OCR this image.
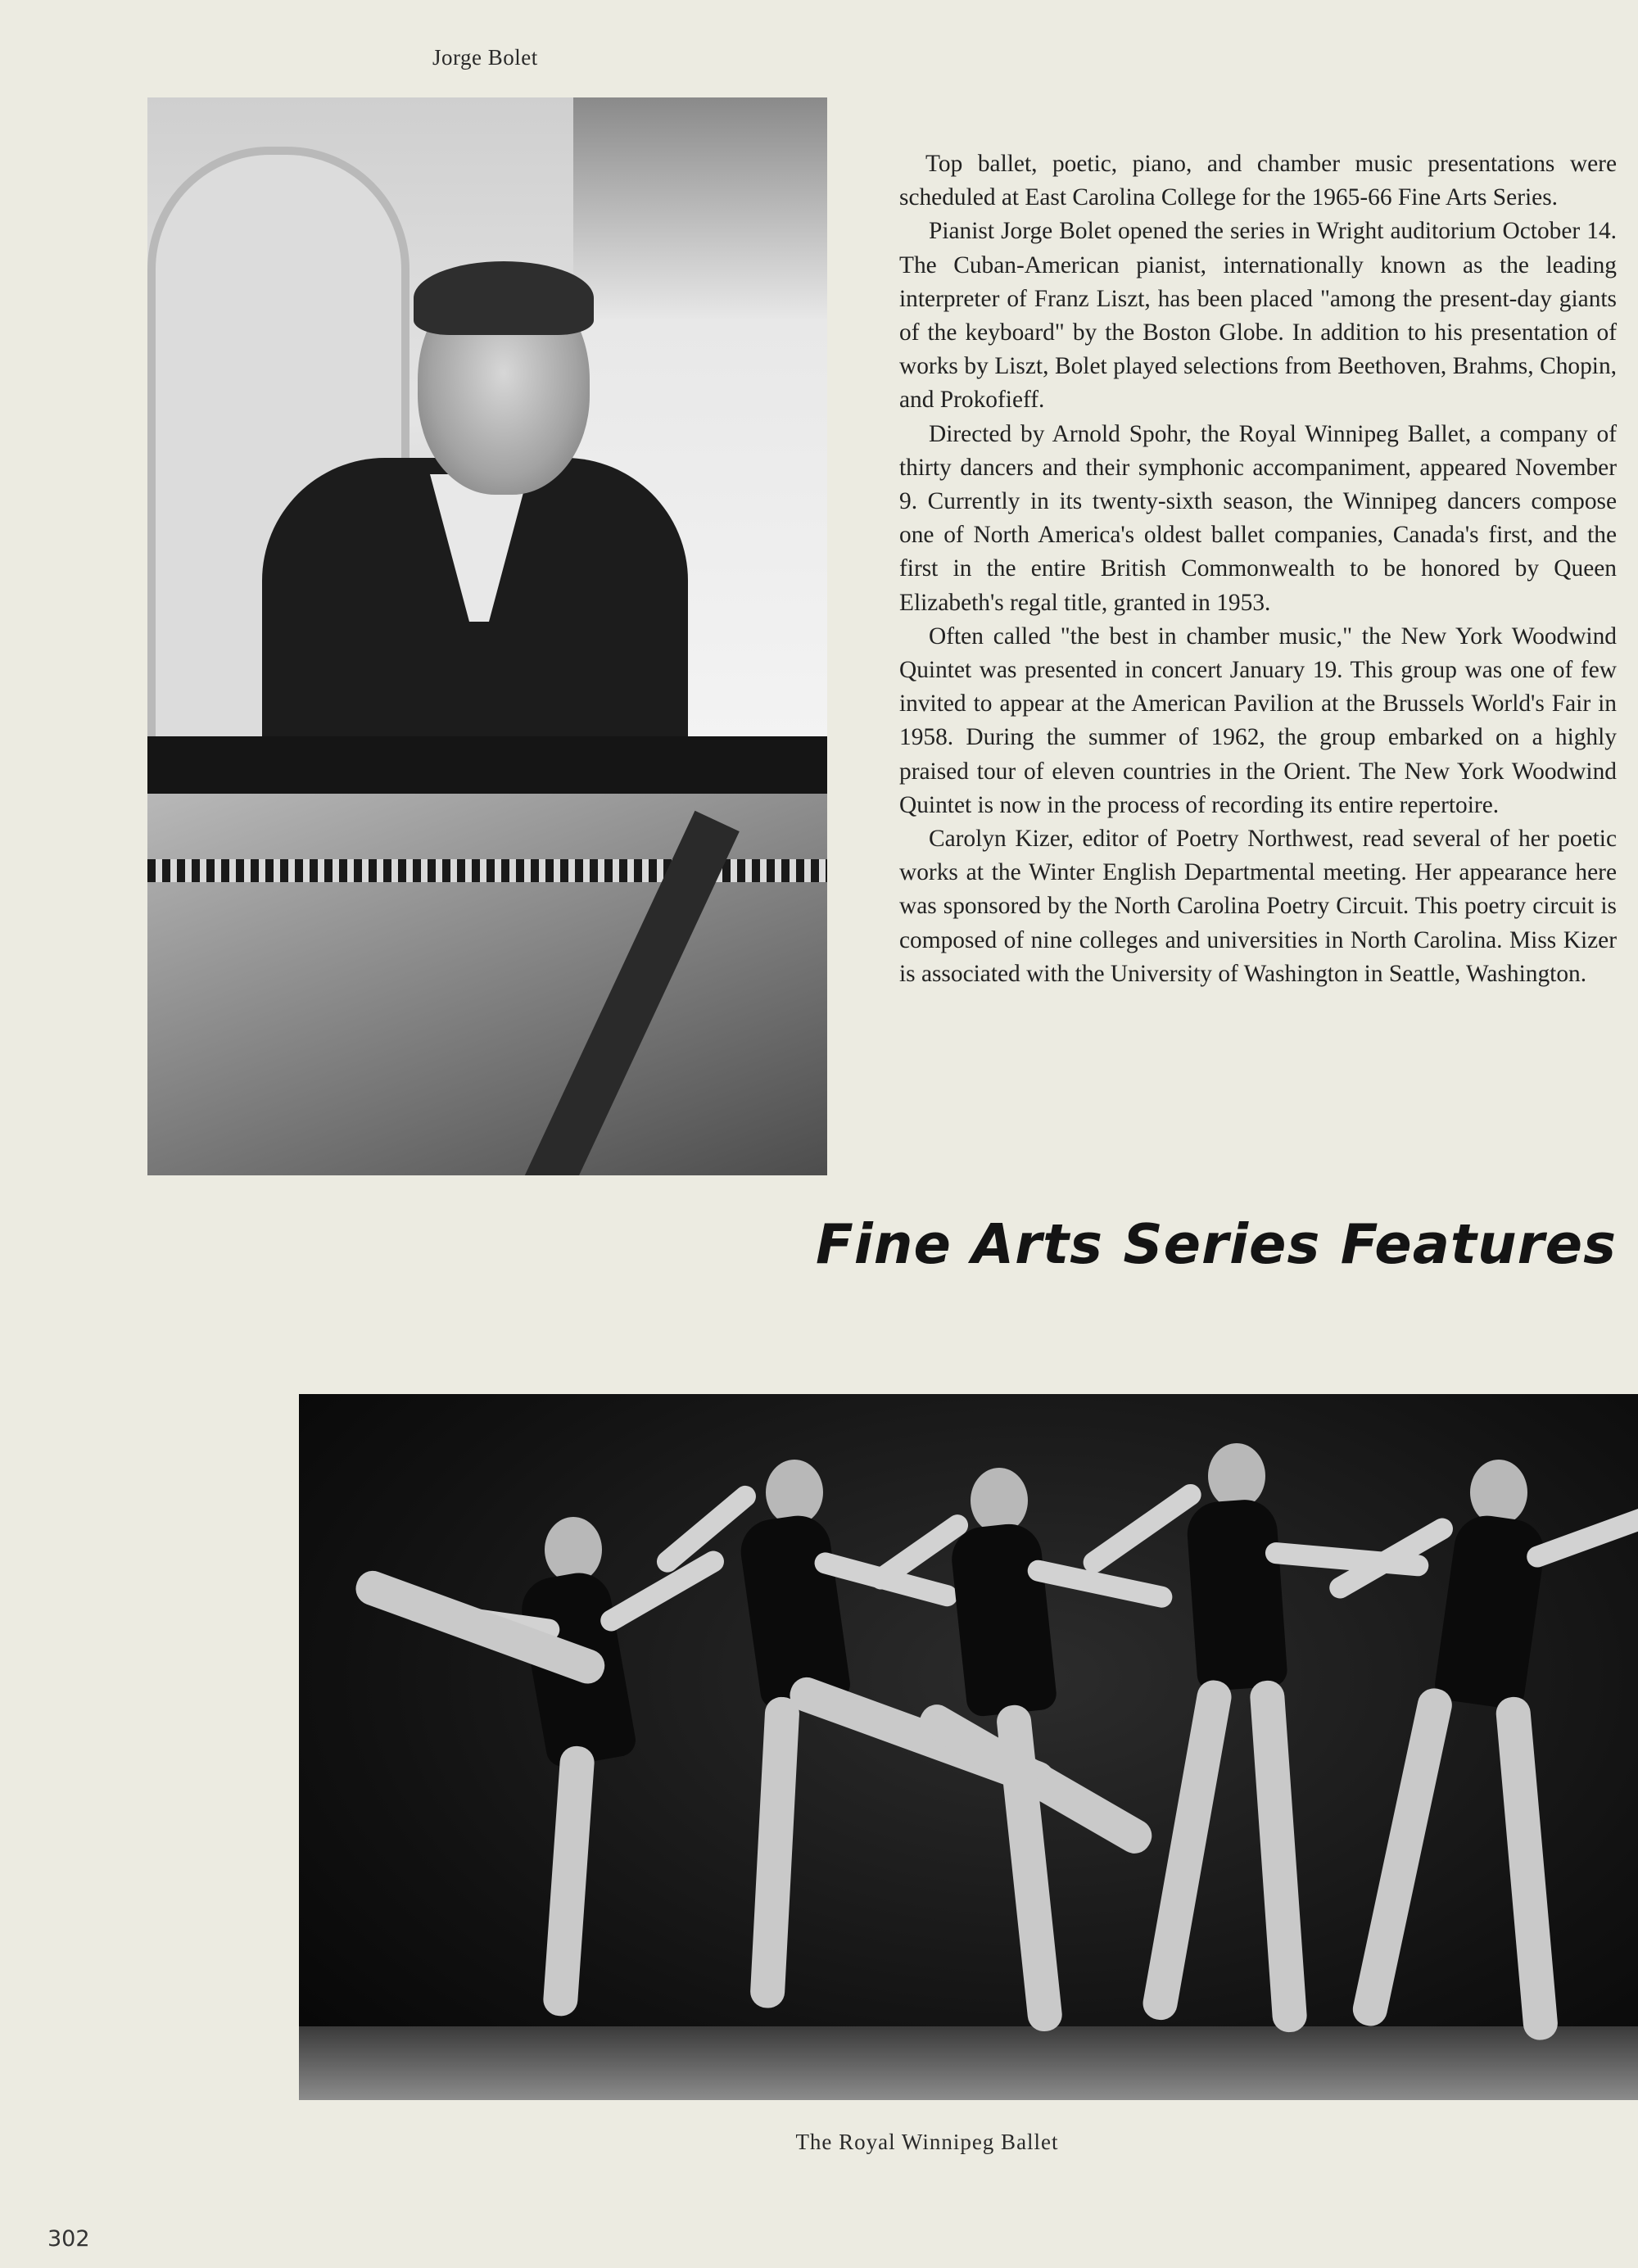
Jorge Bolet

Top ballet, poetic, piano, and chamber music presentations were scheduled at East Carolina College for the 1965-66 Fine Arts Series.

Pianist Jorge Bolet opened the series in Wright auditorium October 14. The Cuban-American pianist, internationally known as the leading interpreter of Franz Liszt, has been placed "among the present-day giants of the keyboard" by the Boston Globe. In addition to his presentation of works by Liszt, Bolet played selections from Beethoven, Brahms, Chopin, and Prokofieff.

Directed by Arnold Spohr, the Royal Winnipeg Ballet, a company of thirty dancers and their symphonic accompaniment, appeared November 9. Currently in its twenty-sixth season, the Winnipeg dancers compose one of North America's oldest ballet companies, Canada's first, and the first in the entire British Commonwealth to be honored by Queen Elizabeth's regal title, granted in 1953.

Often called "the best in chamber music," the New York Woodwind Quintet was presented in concert January 19. This group was one of few invited to appear at the American Pavilion at the Brussels World's Fair in 1958. During the summer of 1962, the group embarked on a highly praised tour of eleven countries in the Orient. The New York Woodwind Quintet is now in the process of recording its entire repertoire.

Carolyn Kizer, editor of Poetry Northwest, read several of her poetic works at the Winter English Departmental meeting. Her appearance here was sponsored by the North Carolina Poetry Circuit. This poetry circuit is composed of nine colleges and universities in North Carolina. Miss Kizer is associated with the University of Washington in Seattle, Washington.

Fine Arts Series Features
The Royal Winnipeg Ballet
302
